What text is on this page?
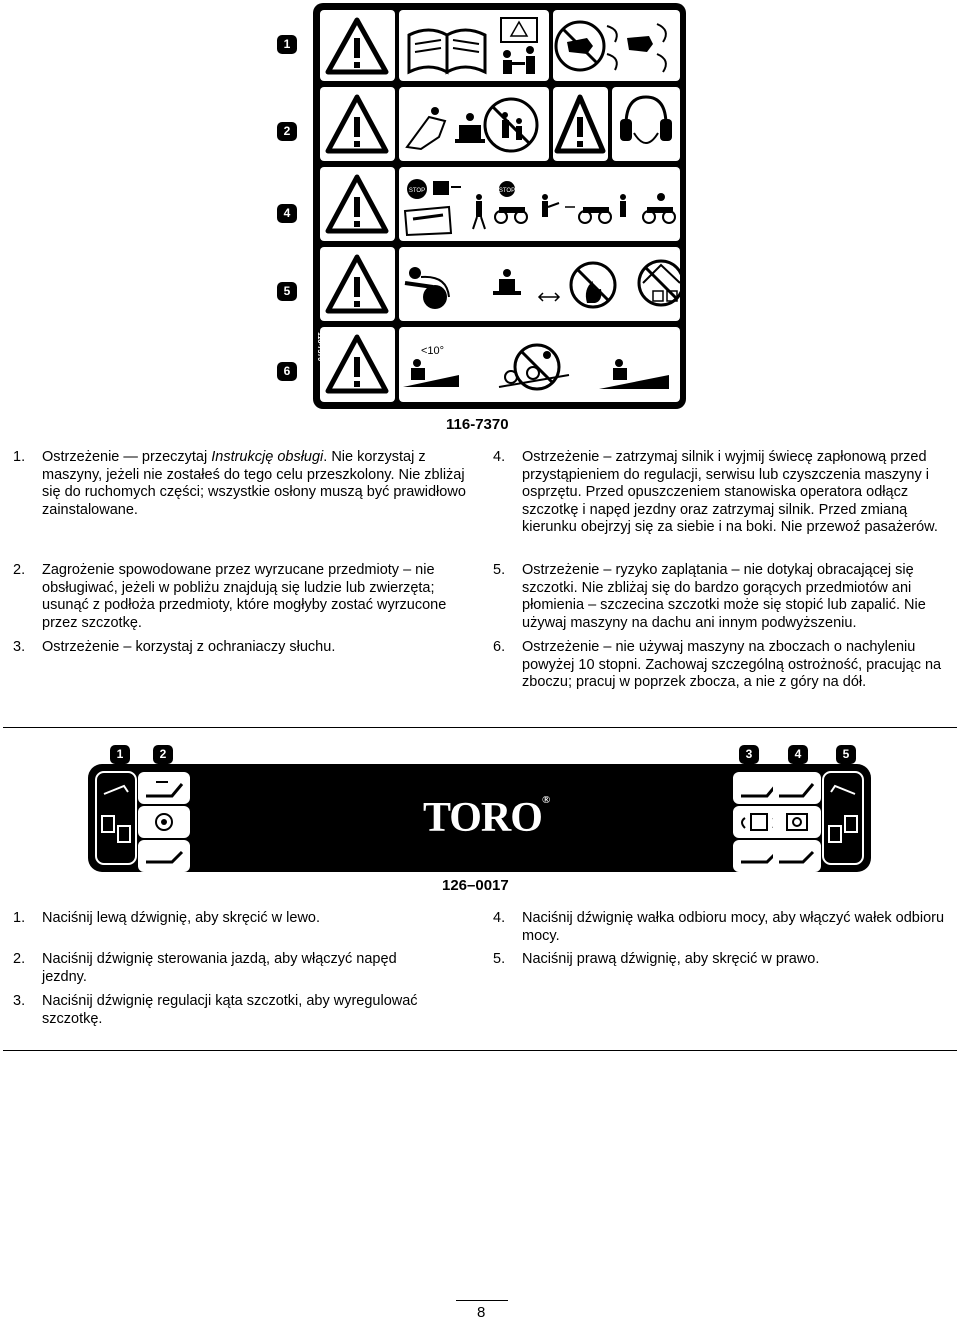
1
2
4
5
6
STOP	STOP
<10°
116-7370
116-7370
1.	Ostrzeżenie — przeczytaj Instrukcję obsługi. Nie korzystaj z maszyny, jeżeli nie zostałeś do tego celu przeszkolony. Nie zbliżaj się do ruchomych części; wszystkie osłony muszą być prawidłowo zainstalowane.
2.	Zagrożenie spowodowane przez wyrzucane przedmioty – nie obsługiwać, jeżeli w pobliżu znajdują się ludzie lub zwierzęta; usunąć z podłoża przedmioty, które mogłyby zostać wyrzucone przez szczotkę.
3.	Ostrzeżenie – korzystaj z ochraniaczy słuchu.
4.	Ostrzeżenie – zatrzymaj silnik i wyjmij świecę zapłonową przed przystąpieniem do regulacji, serwisu lub czyszczenia maszyny i osprzętu. Przed opuszczeniem stanowiska operatora odłącz szczotkę i napęd jezdny oraz zatrzymaj silnik. Przed zmianą kierunku obejrzyj się za siebie i na boki. Nie przewoź pasażerów.
5.	Ostrzeżenie – ryzyko zaplątania – nie dotykaj obracającej się szczotki. Nie zbliżaj się do bardzo gorących przedmiotów ani płomienia – szczecina szczotki może się stopić lub zapalić. Nie używaj maszyny na dachu ani innym podwyższeniu.
6.	Ostrzeżenie – nie używaj maszyny na zboczach o nachyleniu powyżej 10 stopni. Zachowaj szczególną ostrożność, pracując na zboczu; pracuj w poprzek zbocza, a nie z góry na dół.
1	2	3	4	5
TORO®
126–0017
1.	Naciśnij lewą dźwignię, aby skręcić w lewo.
2.	Naciśnij dźwignię sterowania jazdą, aby włączyć napęd jezdny.
3.	Naciśnij dźwignię regulacji kąta szczotki, aby wyregulować szczotkę.
4.	Naciśnij dźwignię wałka odbioru mocy, aby włączyć wałek odbioru mocy.
5.	Naciśnij prawą dźwignię, aby skręcić w prawo.
8
